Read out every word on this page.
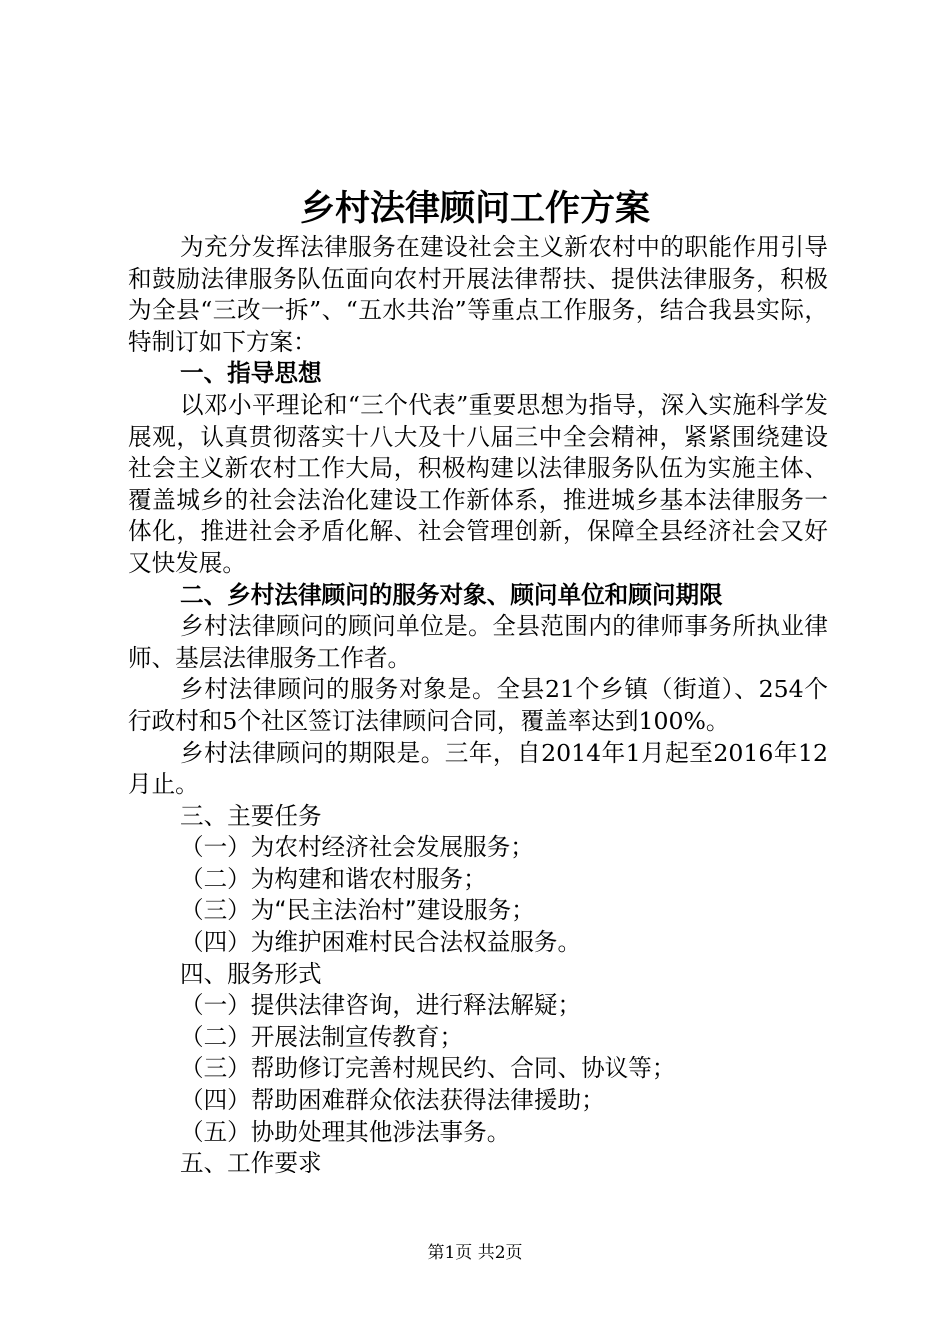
乡村法律顾问工作方案

为充分发挥法律服务在建设社会主义新农村中的职能作用引导和鼓励法律服务队伍面向农村开展法律帮扶、提供法律服务，积极为全县“三改一拆”、“五水共治”等重点工作服务，结合我县实际，特制订如下方案：

一、指导思想

以邓小平理论和“三个代表”重要思想为指导，深入实施科学发展观，认真贯彻落实十八大及十八届三中全会精神，紧紧围绕建设社会主义新农村工作大局，积极构建以法律服务队伍为实施主体、覆盖城乡的社会法治化建设工作新体系，推进城乡基本法律服务一体化，推进社会矛盾化解、社会管理创新，保障全县经济社会又好又快发展。

二、乡村法律顾问的服务对象、顾问单位和顾问期限

乡村法律顾问的顾问单位是。全县范围内的律师事务所执业律师、基层法律服务工作者。

乡村法律顾问的服务对象是。全县21个乡镇（街道）、254个行政村和5个社区签订法律顾问合同，覆盖率达到100%。

乡村法律顾问的期限是。三年，自2014年1月起至2016年12月止。

三、主要任务

（一）为农村经济社会发展服务；

（二）为构建和谐农村服务；

（三）为“民主法治村”建设服务；

（四）为维护困难村民合法权益服务。

四、服务形式

（一）提供法律咨询，进行释法解疑；

（二）开展法制宣传教育；

（三）帮助修订完善村规民约、合同、协议等；

（四）帮助困难群众依法获得法律援助；

（五）协助处理其他涉法事务。

五、工作要求

第1页 共2页
